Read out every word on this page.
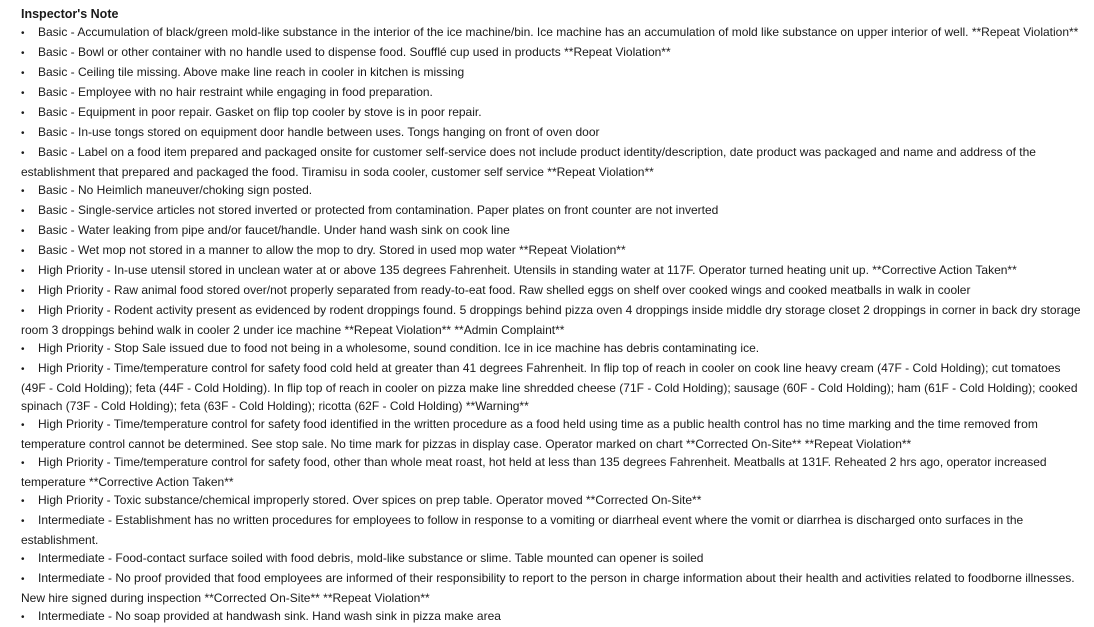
Inspector's Note
• Basic - Accumulation of black/green mold-like substance in the interior of the ice machine/bin. Ice machine has an accumulation of mold like substance on upper interior of well. **Repeat Violation**
• Basic - Bowl or other container with no handle used to dispense food. Soufflé cup used in products **Repeat Violation**
• Basic - Ceiling tile missing. Above make line reach in cooler in kitchen is missing
• Basic - Employee with no hair restraint while engaging in food preparation.
• Basic - Equipment in poor repair. Gasket on flip top cooler by stove is in poor repair.
• Basic - In-use tongs stored on equipment door handle between uses. Tongs hanging on front of oven door
• Basic - Label on a food item prepared and packaged onsite for customer self-service does not include product identity/description, date product was packaged and name and address of the establishment that prepared and packaged the food. Tiramisu in soda cooler, customer self service **Repeat Violation**
• Basic - No Heimlich maneuver/choking sign posted.
• Basic - Single-service articles not stored inverted or protected from contamination. Paper plates on front counter are not inverted
• Basic - Water leaking from pipe and/or faucet/handle. Under hand wash sink on cook line
• Basic - Wet mop not stored in a manner to allow the mop to dry. Stored in used mop water **Repeat Violation**
• High Priority - In-use utensil stored in unclean water at or above 135 degrees Fahrenheit. Utensils in standing water at 117F. Operator turned heating unit up. **Corrective Action Taken**
• High Priority - Raw animal food stored over/not properly separated from ready-to-eat food. Raw shelled eggs on shelf over cooked wings and cooked meatballs in walk in cooler
• High Priority - Rodent activity present as evidenced by rodent droppings found. 5 droppings behind pizza oven 4 droppings inside middle dry storage closet 2 droppings in corner in back dry storage room 3 droppings behind walk in cooler 2 under ice machine **Repeat Violation** **Admin Complaint**
• High Priority - Stop Sale issued due to food not being in a wholesome, sound condition. Ice in ice machine has debris contaminating ice.
• High Priority - Time/temperature control for safety food cold held at greater than 41 degrees Fahrenheit. In flip top of reach in cooler on cook line heavy cream (47F - Cold Holding); cut tomatoes (49F - Cold Holding); feta (44F - Cold Holding). In flip top of reach in cooler on pizza make line shredded cheese (71F - Cold Holding); sausage (60F - Cold Holding); ham (61F - Cold Holding); cooked spinach (73F - Cold Holding); feta (63F - Cold Holding); ricotta (62F - Cold Holding) **Warning**
• High Priority - Time/temperature control for safety food identified in the written procedure as a food held using time as a public health control has no time marking and the time removed from temperature control cannot be determined. See stop sale. No time mark for pizzas in display case. Operator marked on chart **Corrected On-Site** **Repeat Violation**
• High Priority - Time/temperature control for safety food, other than whole meat roast, hot held at less than 135 degrees Fahrenheit. Meatballs at 131F. Reheated 2 hrs ago, operator increased temperature **Corrective Action Taken**
• High Priority - Toxic substance/chemical improperly stored. Over spices on prep table. Operator moved **Corrected On-Site**
• Intermediate - Establishment has no written procedures for employees to follow in response to a vomiting or diarrheal event where the vomit or diarrhea is discharged onto surfaces in the establishment.
• Intermediate - Food-contact surface soiled with food debris, mold-like substance or slime. Table mounted can opener is soiled
• Intermediate - No proof provided that food employees are informed of their responsibility to report to the person in charge information about their health and activities related to foodborne illnesses. New hire signed during inspection **Corrected On-Site** **Repeat Violation**
• Intermediate - No soap provided at handwash sink. Hand wash sink in pizza make area
